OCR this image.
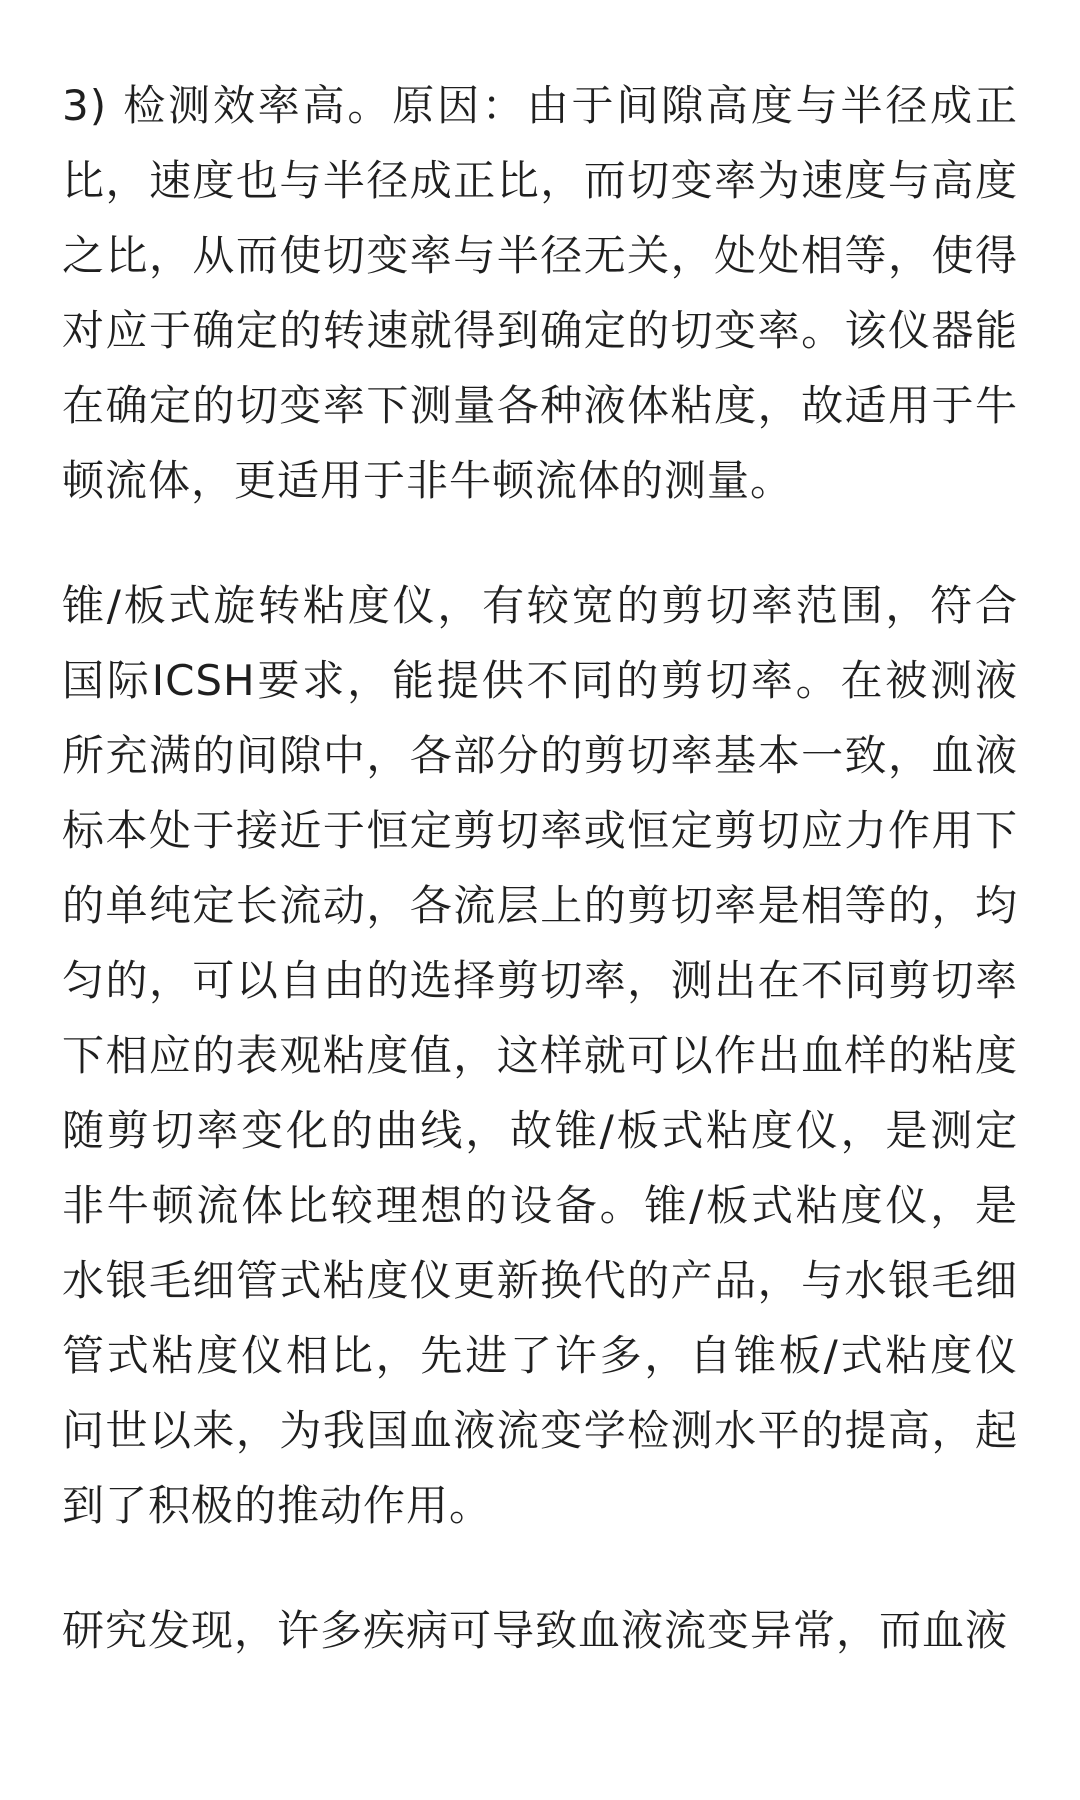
3) 检测效率高。原因：由于间隙高度与半径成正比，速度也与半径成正比，而切变率为速度与高度之比，从而使切变率与半径无关，处处相等，使得对应于确定的转速就得到确定的切变率。该仪器能在确定的切变率下测量各种液体粘度，故适用于牛顿流体，更适用于非牛顿流体的测量。

锥/板式旋转粘度仪，有较宽的剪切率范围，符合国际ICSH要求，能提供不同的剪切率。在被测液所充满的间隙中，各部分的剪切率基本一致，血液标本处于接近于恒定剪切率或恒定剪切应力作用下的单纯定长流动，各流层上的剪切率是相等的，均匀的，可以自由的选择剪切率，测出在不同剪切率下相应的表观粘度值，这样就可以作出血样的粘度随剪切率变化的曲线，故锥/板式粘度仪，是测定非牛顿流体比较理想的设备。锥/板式粘度仪，是水银毛细管式粘度仪更新换代的产品，与水银毛细管式粘度仪相比，先进了许多，自锥板/式粘度仪问世以来，为我国血液流变学检测水平的提高，起到了积极的推动作用。

研究发现，许多疾病可导致血液流变异常，而血液
